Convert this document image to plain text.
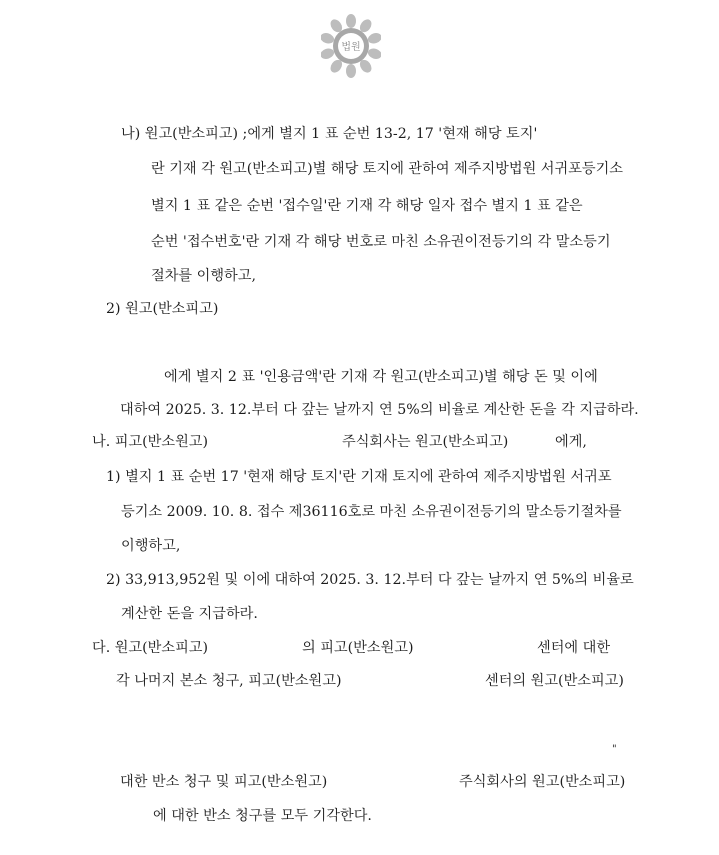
법원
나) 원고(반소피고) ;에게 별지 1 표 순번 13-2, 17 '현재 해당 토지'
란 기재 각 원고(반소피고)별 해당 토지에 관하여 제주지방법원 서귀포등기소
별지 1 표 같은 순번 '접수일'란 기재 각 해당 일자 접수 별지 1 표 같은
순번 '접수번호'란 기재 각 해당 번호로 마친 소유권이전등기의 각 말소등기
절차를 이행하고,
2) 원고(반소피고)
에게 별지 2 표 '인용금액'란 기재 각 원고(반소피고)별 해당 돈 및 이에
대하여 2025. 3. 12.부터 다 갚는 날까지 연 5%의 비율로 계산한 돈을 각 지급하라.
나. 피고(반소원고)	주식회사는 원고(반소피고)	에게,
1) 별지 1 표 순번 17 '현재 해당 토지'란 기재 토지에 관하여 제주지방법원 서귀포
등기소 2009. 10. 8. 접수 제36116호로 마친 소유권이전등기의 말소등기절차를
이행하고,
2) 33,913,952원 및 이에 대하여 2025. 3. 12.부터 다 갚는 날까지 연 5%의 비율로
계산한 돈을 지급하라.
다. 원고(반소피고)	의 피고(반소원고)	센터에 대한
각 나머지 본소 청구, 피고(반소원고)	센터의 원고(반소피고)
"
대한 반소 청구 및 피고(반소원고)	주식회사의 원고(반소피고)
에 대한 반소 청구를 모두 기각한다.
